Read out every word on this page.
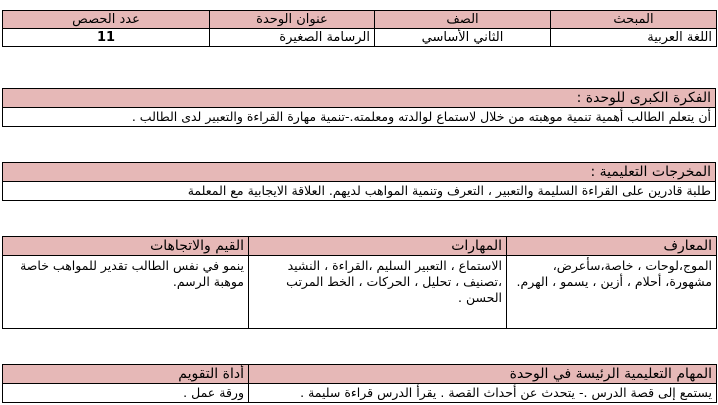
المبحث	الصف	عنوان الوحدة	عدد الحصص
اللغة العربية	الثاني الأساسي	الرسامة الصغيرة	11
الفكرة الكبرى للوحدة :
أن يتعلم الطالب أهمية تنمية موهبته من خلال لاستماع لوالدته ومعلمته.-تنمية مهارة القراءة والتعبير لدى الطالب .
المخرجات التعليمية :
طلبة قادرين على القراءة السليمة والتعبير ، التعرف وتنمية المواهب لديهم. العلاقة الايجابية مع المعلمة
المعارف	المهارات	القيم والاتجاهات
الموج،لوحات ، خاصة،سأعرض، مشهورة، أحلام ، أزين ، يسمو ، الهرم.	الاستماع ، التعبير السليم ،القراءة ، النشيد ،تصنيف ، تحليل ، الحركات ، الخط المرتب الحسن .	ينمو في نفس الطالب تقدير للمواهب خاصة موهبة الرسم.
المهام التعليمية الرئيسة في الوحدة	أداة التقويم
يستمع إلى قصة الدرس .- يتحدث عن أحداث القصة . يقرأ الدرس قراءة سليمة .	ورقة عمل .
